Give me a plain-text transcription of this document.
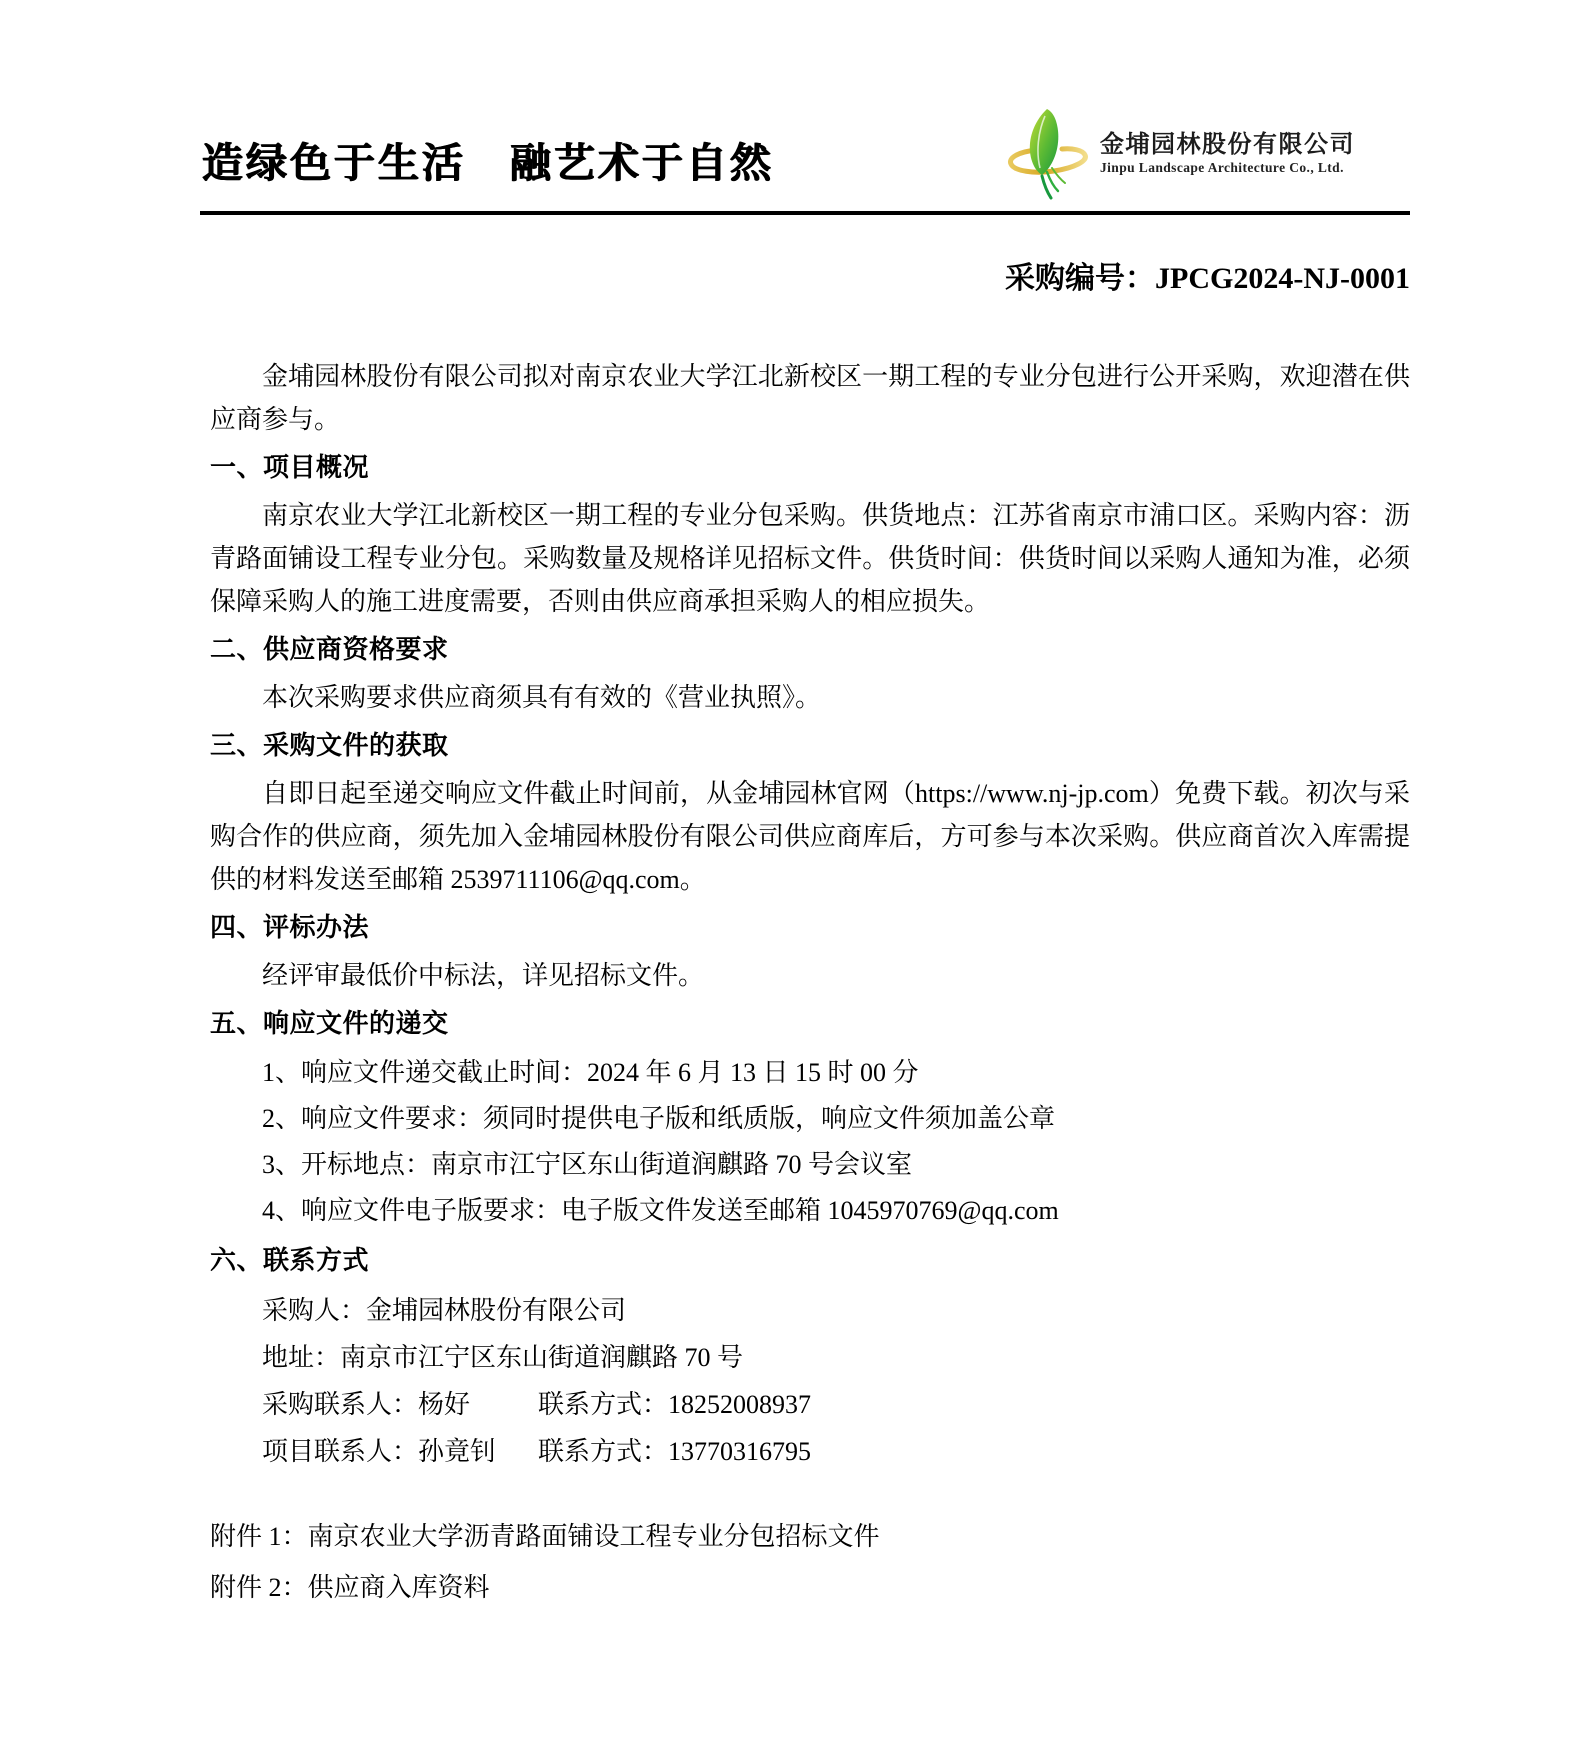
造绿色于生活　融艺术于自然	金埔园林股份有限公司
Jinpu Landscape Architecture Co., Ltd.
采购编号：JPCG2024-NJ-0001

金埔园林股份有限公司拟对南京农业大学江北新校区一期工程的专业分包进行公开采购，欢迎潜在供应商参与。

一、项目概况

南京农业大学江北新校区一期工程的专业分包采购。供货地点：江苏省南京市浦口区。采购内容：沥青路面铺设工程专业分包。采购数量及规格详见招标文件。供货时间：供货时间以采购人通知为准，必须保障采购人的施工进度需要，否则由供应商承担采购人的相应损失。

二、供应商资格要求

本次采购要求供应商须具有有效的《营业执照》。

三、采购文件的获取

自即日起至递交响应文件截止时间前，从金埔园林官网（https://www.nj-jp.com）免费下载。初次与采购合作的供应商，须先加入金埔园林股份有限公司供应商库后，方可参与本次采购。供应商首次入库需提供的材料发送至邮箱 2539711106@qq.com。

四、评标办法

经评审最低价中标法，详见招标文件。

五、响应文件的递交
1、响应文件递交截止时间：2024 年 6 月 13 日 15 时 00 分
2、响应文件要求：须同时提供电子版和纸质版，响应文件须加盖公章
3、开标地点：南京市江宁区东山街道润麒路 70 号会议室
4、响应文件电子版要求：电子版文件发送至邮箱 1045970769@qq.com
六、联系方式
采购人：金埔园林股份有限公司
地址：南京市江宁区东山街道润麒路 70 号
采购联系人：杨好	联系方式：18252008937
项目联系人：孙竟钊	联系方式：13770316795
附件 1：南京农业大学沥青路面铺设工程专业分包招标文件
附件 2：供应商入库资料
